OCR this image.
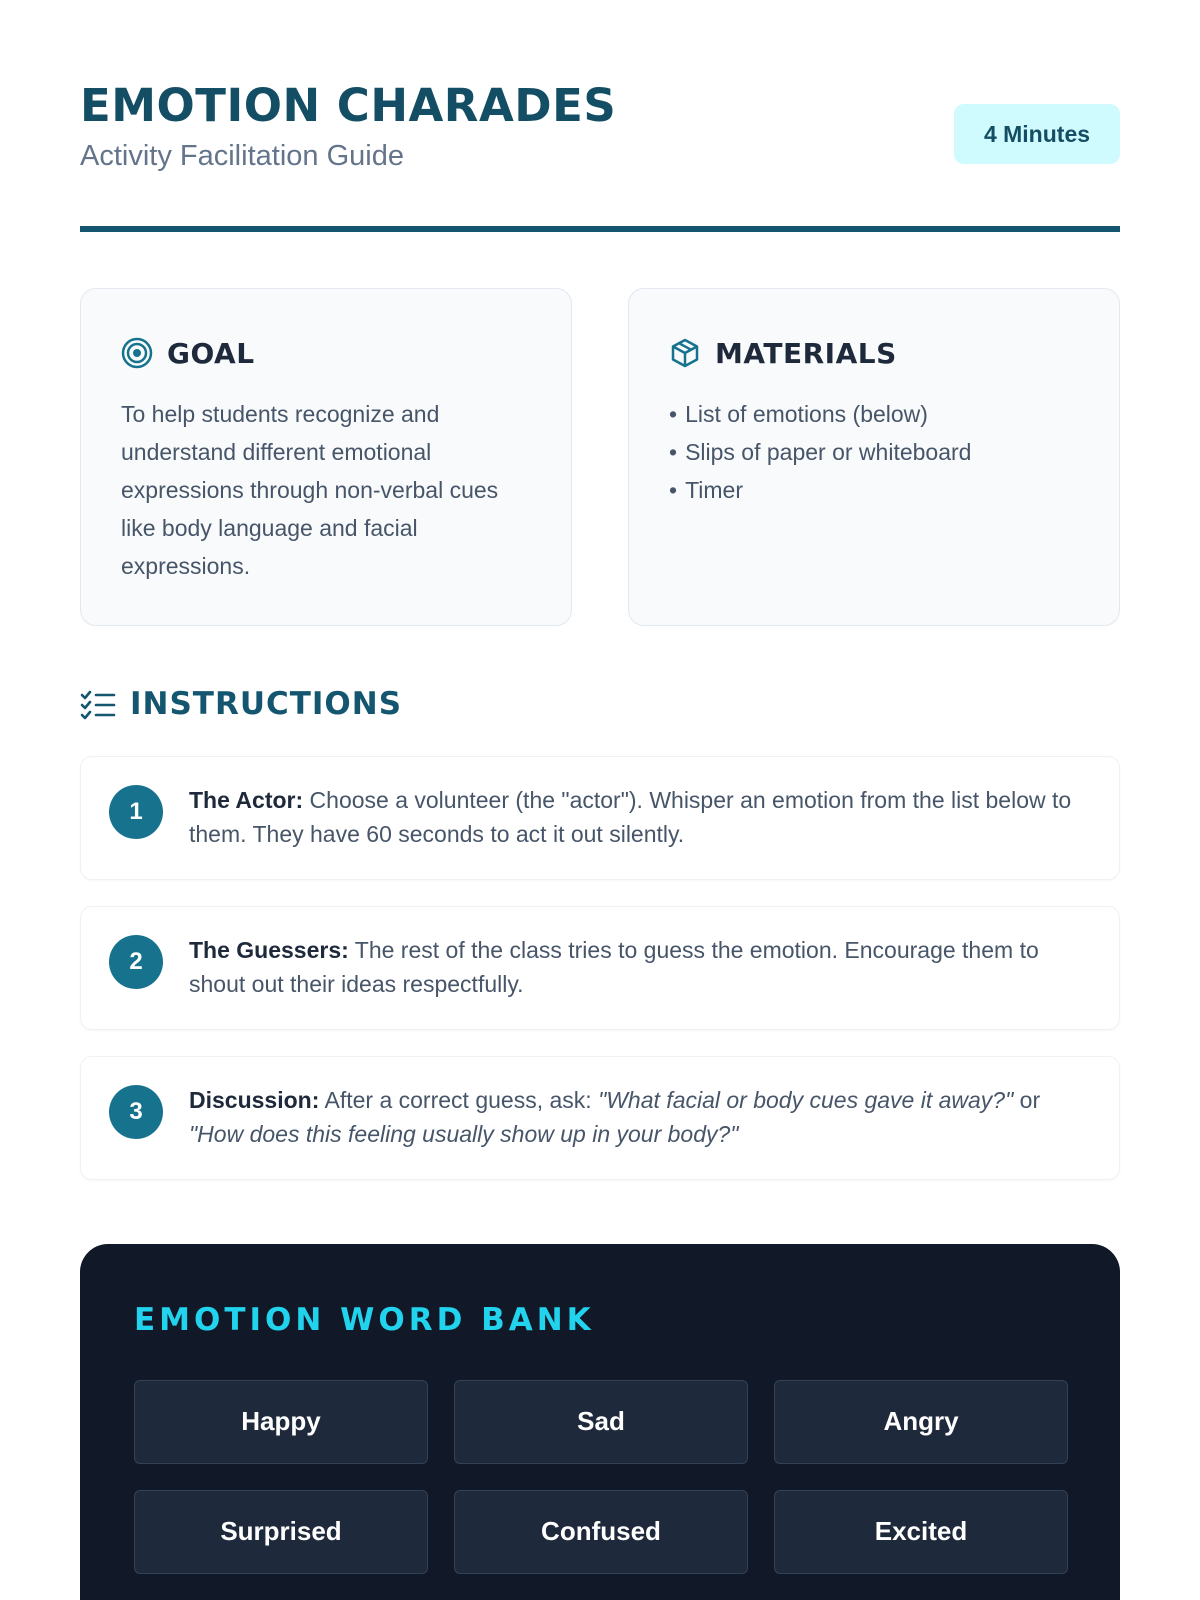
EMOTION CHARADES
Activity Facilitation Guide
4 Minutes
GOAL

To help students recognize and understand different emotional expressions through non-verbal cues like body language and facial expressions.

MATERIALS
• List of emotions (below)
• Slips of paper or whiteboard
• Timer
INSTRUCTIONS
1	The Actor: Choose a volunteer (the "actor"). Whisper an emotion from the list below to them. They have 60 seconds to act it out silently.

2	The Guessers: The rest of the class tries to guess the emotion. Encourage them to shout out their ideas respectfully.

3	Discussion: After a correct guess, ask: "What facial or body cues gave it away?" or "How does this feeling usually show up in your body?"

EMOTION WORD BANK
Happy	Sad	Angry
Surprised	Confused	Excited
